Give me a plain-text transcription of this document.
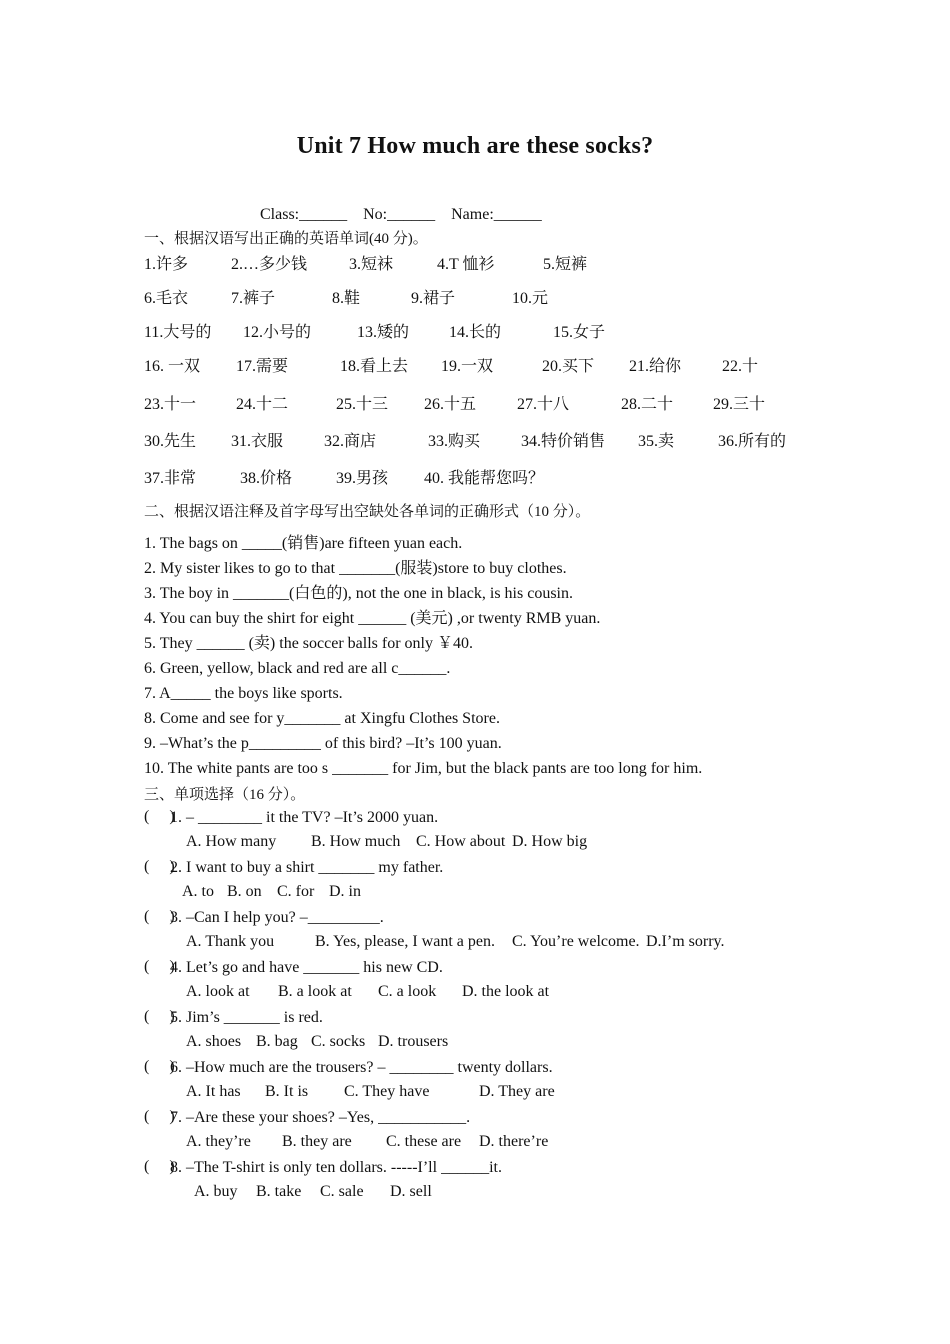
Unit 7 How much are these socks?

Class:______ No:______ Name:______

一、根据汉语写出正确的英语单词(40 分)。
1.许多	2.…多少钱	3.短袜	4.T 恤衫	5.短裤
6.毛衣	7.裤子	8.鞋	9.裙子	10.元
11.大号的 12.小号的	13.矮的 14.长的	15.女子
16. 一双 17.需要	18.看上去 19.一双	20.买下 21.给你	22.十
23.十一 24.十二	25.十三 26.十五	27.十八	28.二十 29.三十
30.先生 31.衣服	32.商店	33.购买	34.特价销售 35.卖	36.所有的
37.非常	38.价格	39.男孩 40. 我能帮您吗？
二、根据汉语注释及首字母写出空缺处各单词的正确形式（10 分）。
1. The bags on _____(销售)are fifteen yuan each.
2. My sister likes to go to that _______(服装)store to buy clothes.
3. The boy in _______(白色的), not the one in black, is his cousin.
4. You can buy the shirt for eight ______ (美元) ,or twenty RMB yuan.
5. They ______ (卖) the soccer balls for only ￥40.
6. Green, yellow, black and red are all c______.
7. A_____ the boys like sports.
8. Come and see for y_______ at Xingfu Clothes Store.
9. –What’s the p_________ of this bird? –It’s 100 yuan.
10. The white pants are too s _______ for Jim, but the black pants are too long for him.
三、单项选择（16 分）。
(     )
1. – ________ it the TV? –It’s 2000 yuan.
A. How many B. How much C. How about D. How big
(     )
2. I want to buy a shirt _______ my father.
A. to B. on C. for D. in
(     )
3. –Can I help you? –_________.
A. Thank you	B. Yes, please, I want a pen. C. You’re welcome. D.I’m sorry.
(     )
4. Let’s go and have _______ his new CD.
A. look at B. a look at C. a look D. the look at
(     )
5. Jim’s _______ is red.
A. shoes B. bag C. socks D. trousers
(     )
6. –How much are the trousers? – ________ twenty dollars.
A. It has B. It is C. They have	D. They are
(     )
7. –Are these your shoes? –Yes, ___________.
A. they’re B. they are C. these are D. there’re
(     )
8. –The T-shirt is only ten dollars. -----I’ll ______it.
A. buy B. take C. sale D. sell
